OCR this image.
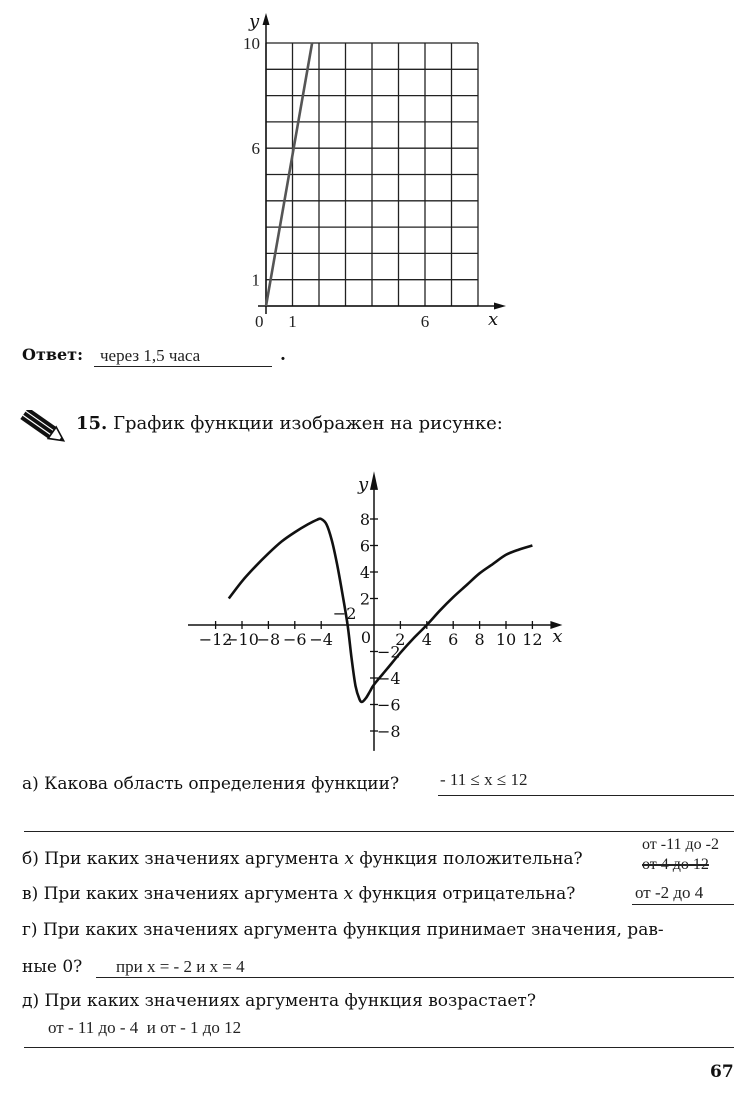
x
y
0 1	6
1
6
10
Ответ: через 1,5 часа	.
15. График функции изображен на рисунке:
x
y
−12
−10
−8 −6 −4
−2
0 2 4 6 8 10 12
8
6
4
2
−2
−4
−6
−8
а) Какова область определения функции? - 11 ≤ x ≤ 12
б) При каких значениях аргумента x функция положительна?
от -11 до -2
от 4 до 12
в) При каких значениях аргумента x функция отрицательна?	от -2 до 4
г) При каких значениях аргумента функция принимает значения, рав-
ные 0? при x = - 2 и x = 4
д) При каких значениях аргумента функция возрастает?
от - 11 до - 4  и от - 1 до 12
67
